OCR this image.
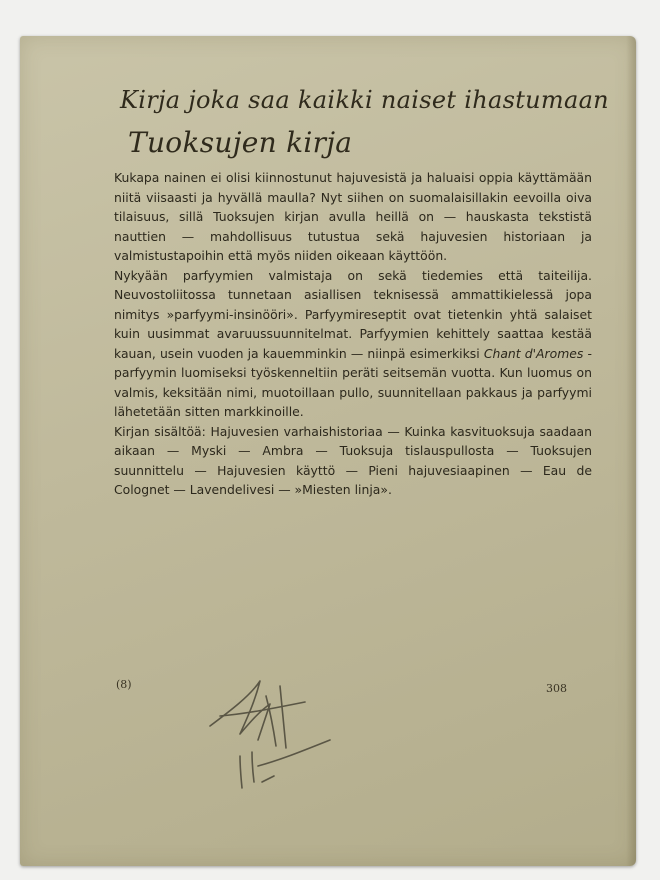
Kirja joka saa kaikki naiset ihastumaan
Tuoksujen kirja

Kukapa nainen ei olisi kiinnostunut hajuvesistä ja haluaisi oppia käyttämään niitä viisaasti ja hyvällä maulla? Nyt siihen on suomalaisillakin eevoilla oiva tilaisuus, sillä Tuoksujen kirjan avulla heillä on — hauskasta tekstistä nauttien — mahdollisuus tutustua sekä hajuvesien historiaan ja valmistustapoihin että myös niiden oikeaan käyttöön.

Nykyään parfyymien valmistaja on sekä tiedemies että taiteilija. Neuvostoliitossa tunnetaan asiallisen teknisessä ammattikielessä jopa nimitys »parfyymi-insinööri». Parfyymireseptit ovat tietenkin yhtä salaiset kuin uusimmat avaruussuunnitelmat. Parfyymien kehittely saattaa kestää kauan, usein vuoden ja kauemminkin — niinpä esimerkiksi Chant d'Aromes -parfyymin luomiseksi työskenneltiin peräti seitsemän vuotta. Kun luomus on valmis, keksitään nimi, muotoillaan pullo, suunnitellaan pakkaus ja parfyymi lähetetään sitten markkinoille.

Kirjan sisältöä: Hajuvesien varhaishistoriaa — Kuinka kasvituoksuja saadaan aikaan — Myski — Ambra — Tuoksuja tislauspullosta — Tuoksujen suunnittelu — Hajuvesien käyttö — Pieni hajuvesiaapinen — Eau de Colognet — Lavendelivesi — »Miesten linja».

(8)	308
